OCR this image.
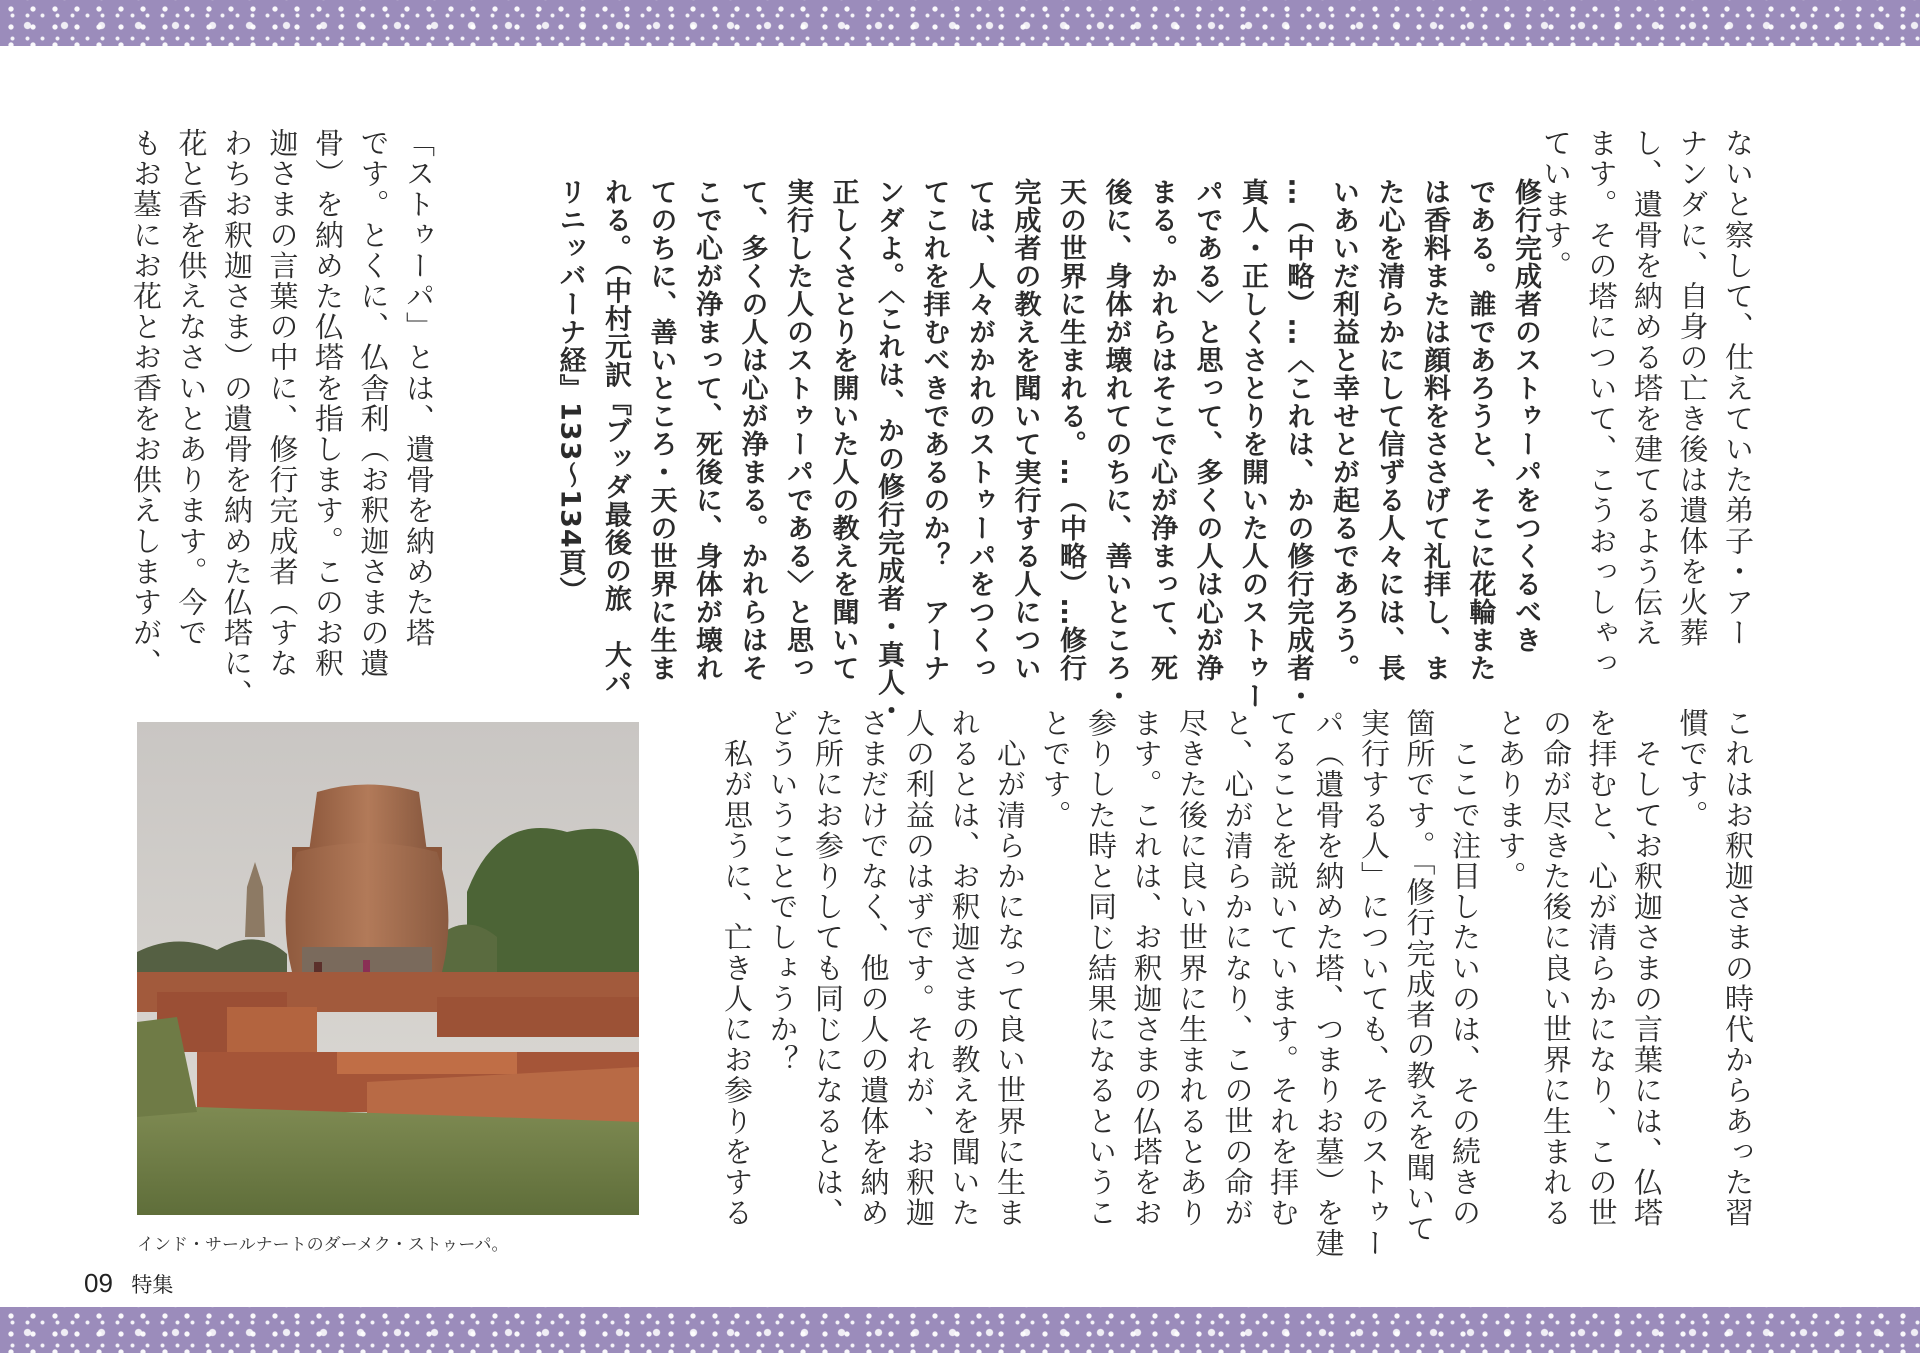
ないと察して、仕えていた弟子・アー
ナンダに、自身の亡き後は遺体を火葬
し、遺骨を納める塔を建てるよう伝え
ます。その塔について、こうおっしゃっ
ています。
修行完成者のストゥーパをつくるべき
である。誰であろうと、そこに花輪また
は香料または顔料をささげて礼拝し、ま
た心を清らかにして信ずる人々には、長
いあいだ利益と幸せとが起るであろう。
…（中略）…〈これは、かの修行完成者・
真人・正しくさとりを開いた人のストゥー
パである〉と思って、多くの人は心が浄
まる。かれらはそこで心が浄まって、死
後に、身体が壊れてのちに、善いところ・
天の世界に生まれる。…（中略）…修行
完成者の教えを聞いて実行する人につい
ては、人々がかれのストゥーパをつくっ
てこれを拝むべきであるのか？　アーナ
ンダよ。〈これは、かの修行完成者・真人・
正しくさとりを開いた人の教えを聞いて
実行した人のストゥーパである〉と思っ
て、多くの人は心が浄まる。かれらはそ
こで心が浄まって、死後に、身体が壊れ
てのちに、善いところ・天の世界に生ま
れる。（中村元訳『ブッダ最後の旅　大パ
リニッバーナ経』133〜134頁）
「ストゥーパ」とは、遺骨を納めた塔
です。とくに、仏舎利（お釈迦さまの遺
骨）を納めた仏塔を指します。このお釈
迦さまの言葉の中に、修行完成者（すな
わちお釈迦さま）の遺骨を納めた仏塔に、
花と香を供えなさいとあります。今で
もお墓にお花とお香をお供えしますが、
これはお釈迦さまの時代からあった習
慣です。
　そしてお釈迦さまの言葉には、仏塔
を拝むと、心が清らかになり、この世
の命が尽きた後に良い世界に生まれる
とあります。
　ここで注目したいのは、その続きの
箇所です。「修行完成者の教えを聞いて
実行する人」についても、そのストゥー
パ（遺骨を納めた塔、つまりお墓）を建
てることを説いています。それを拝む
と、心が清らかになり、この世の命が
尽きた後に良い世界に生まれるとあり
ます。これは、お釈迦さまの仏塔をお
参りした時と同じ結果になるというこ
とです。
　心が清らかになって良い世界に生ま
れるとは、お釈迦さまの教えを聞いた
人の利益のはずです。それが、お釈迦
さまだけでなく、他の人の遺体を納め
た所にお参りしても同じになるとは、
どういうことでしょうか？
　私が思うに、亡き人にお参りをする
インド・サールナートのダーメク・ストゥーパ。
09 特集
